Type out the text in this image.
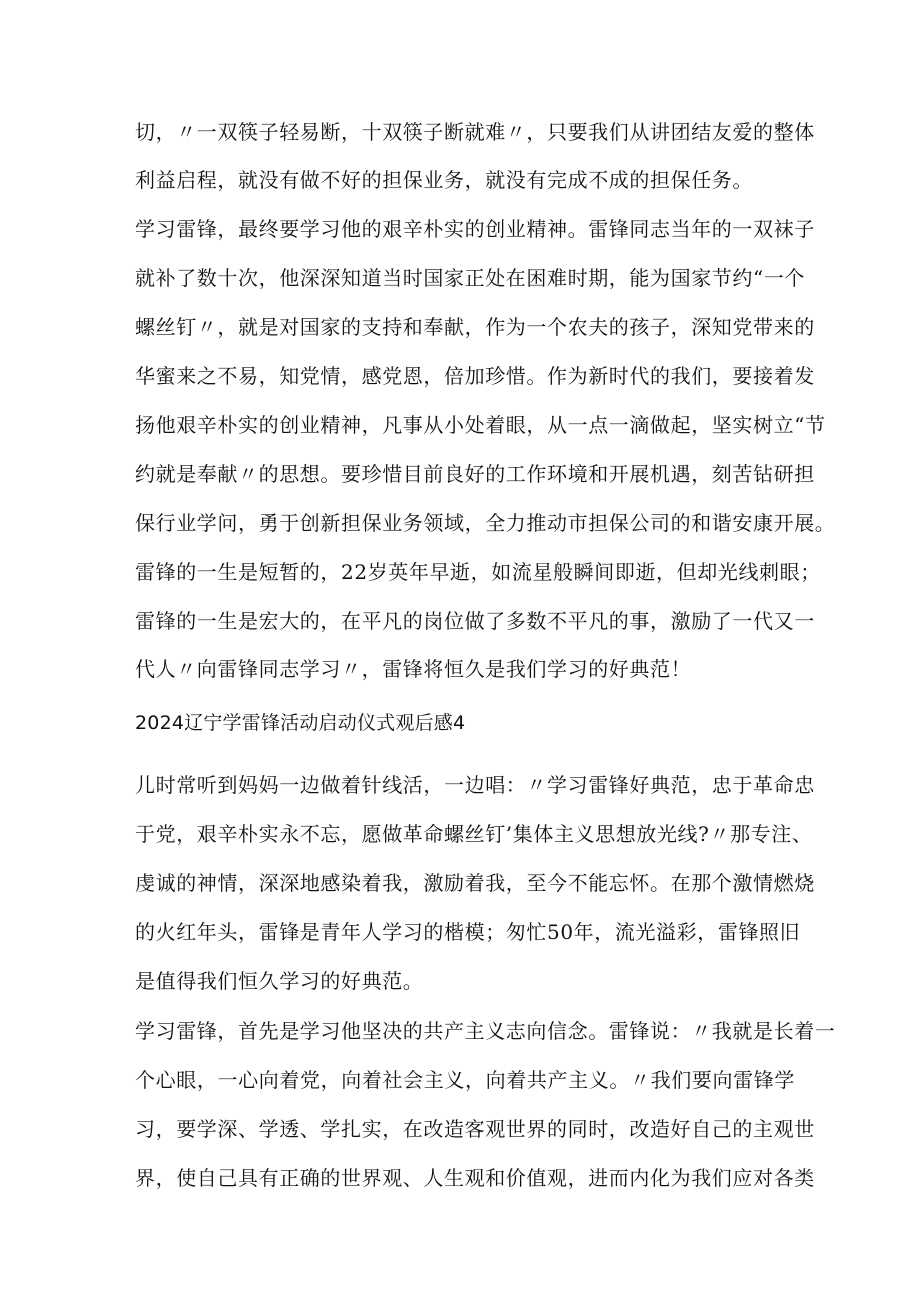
切，〃一双筷子轻易断，十双筷子断就难〃，只要我们从讲团结友爱的整体
利益启程，就没有做不好的担保业务，就没有完成不成的担保任务。
学习雷锋，最终要学习他的艰辛朴实的创业精神。雷锋同志当年的一双袜子
就补了数十次，他深深知道当时国家正处在困难时期，能为国家节约“一个
螺丝钉〃，就是对国家的支持和奉献，作为一个农夫的孩子，深知党带来的
华蜜来之不易，知党情，感党恩，倍加珍惜。作为新时代的我们，要接着发
扬他艰辛朴实的创业精神，凡事从小处着眼，从一点一滴做起，坚实树立“节
约就是奉献〃的思想。要珍惜目前良好的工作环境和开展机遇，刻苦钻研担
保行业学问，勇于创新担保业务领域，全力推动市担保公司的和谐安康开展。
雷锋的一生是短暂的，22岁英年早逝，如流星般瞬间即逝，但却光线刺眼；
雷锋的一生是宏大的，在平凡的岗位做了多数不平凡的事，激励了一代又一
代人〃向雷锋同志学习〃，雷锋将恒久是我们学习的好典范！
2024辽宁学雷锋活动启动仪式观后感4
儿时常听到妈妈一边做着针线活，一边唱：〃学习雷锋好典范，忠于革命忠
于党，艰辛朴实永不忘，愿做革命螺丝钉’集体主义思想放光线?〃那专注、
虔诚的神情，深深地感染着我，激励着我，至今不能忘怀。在那个激情燃烧
的火红年头，雷锋是青年人学习的楷模；匆忙50年，流光溢彩，雷锋照旧
是值得我们恒久学习的好典范。
学习雷锋，首先是学习他坚决的共产主义志向信念。雷锋说：〃我就是长着一
个心眼，一心向着党，向着社会主义，向着共产主义。〃我们要向雷锋学
习，要学深、学透、学扎实，在改造客观世界的同时，改造好自己的主观世
界，使自己具有正确的世界观、人生观和价值观，进而内化为我们应对各类
